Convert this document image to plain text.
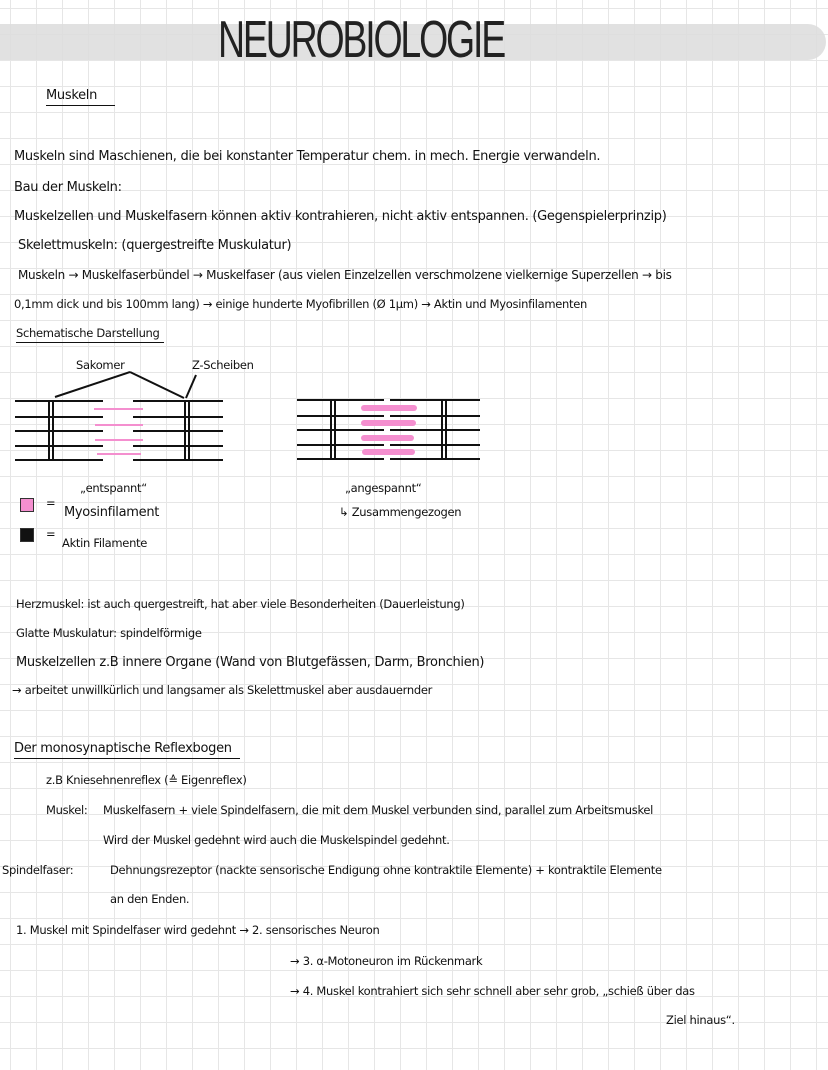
NEUROBIOLOGIE
Muskeln
Muskeln sind Maschienen, die bei konstanter Temperatur chem. in mech. Energie verwandeln.
Bau der Muskeln:
Muskelzellen und Muskelfasern können aktiv kontrahieren, nicht aktiv entspannen. (Gegenspielerprinzip)
Skelettmuskeln: (quergestreifte Muskulatur)
Muskeln → Muskelfaserbündel → Muskelfaser (aus vielen Einzelzellen verschmolzene vielkernige Superzellen → bis
0,1mm dick und bis 100mm lang) → einige hunderte Myofibrillen (Ø 1µm) → Aktin und Myosinfilamenten
Schematische Darstellung
Sakomer	Z-Scheiben
„entspannt“	„angespannt“
↳ Zusammengezogen
=
Myosinfilament
=
Aktin Filamente
Herzmuskel: ist auch quergestreift, hat aber viele Besonderheiten (Dauerleistung)
Glatte Muskulatur: spindelförmige
Muskelzellen z.B innere Organe (Wand von Blutgefässen, Darm, Bronchien)
→ arbeitet unwillkürlich und langsamer als Skelettmuskel aber ausdauernder
Der monosynaptische Reflexbogen
z.B Kniesehnenreflex (≙ Eigenreflex)
Muskel: Muskelfasern + viele Spindelfasern, die mit dem Muskel verbunden sind, parallel zum Arbeitsmuskel
Wird der Muskel gedehnt wird auch die Muskelspindel gedehnt.
Spindelfaser:	Dehnungsrezeptor (nackte sensorische Endigung ohne kontraktile Elemente) + kontraktile Elemente
an den Enden.
1. Muskel mit Spindelfaser wird gedehnt → 2. sensorisches Neuron
→ 3. α-Motoneuron im Rückenmark
→ 4. Muskel kontrahiert sich sehr schnell aber sehr grob, „schieß über das
Ziel hinaus“.
